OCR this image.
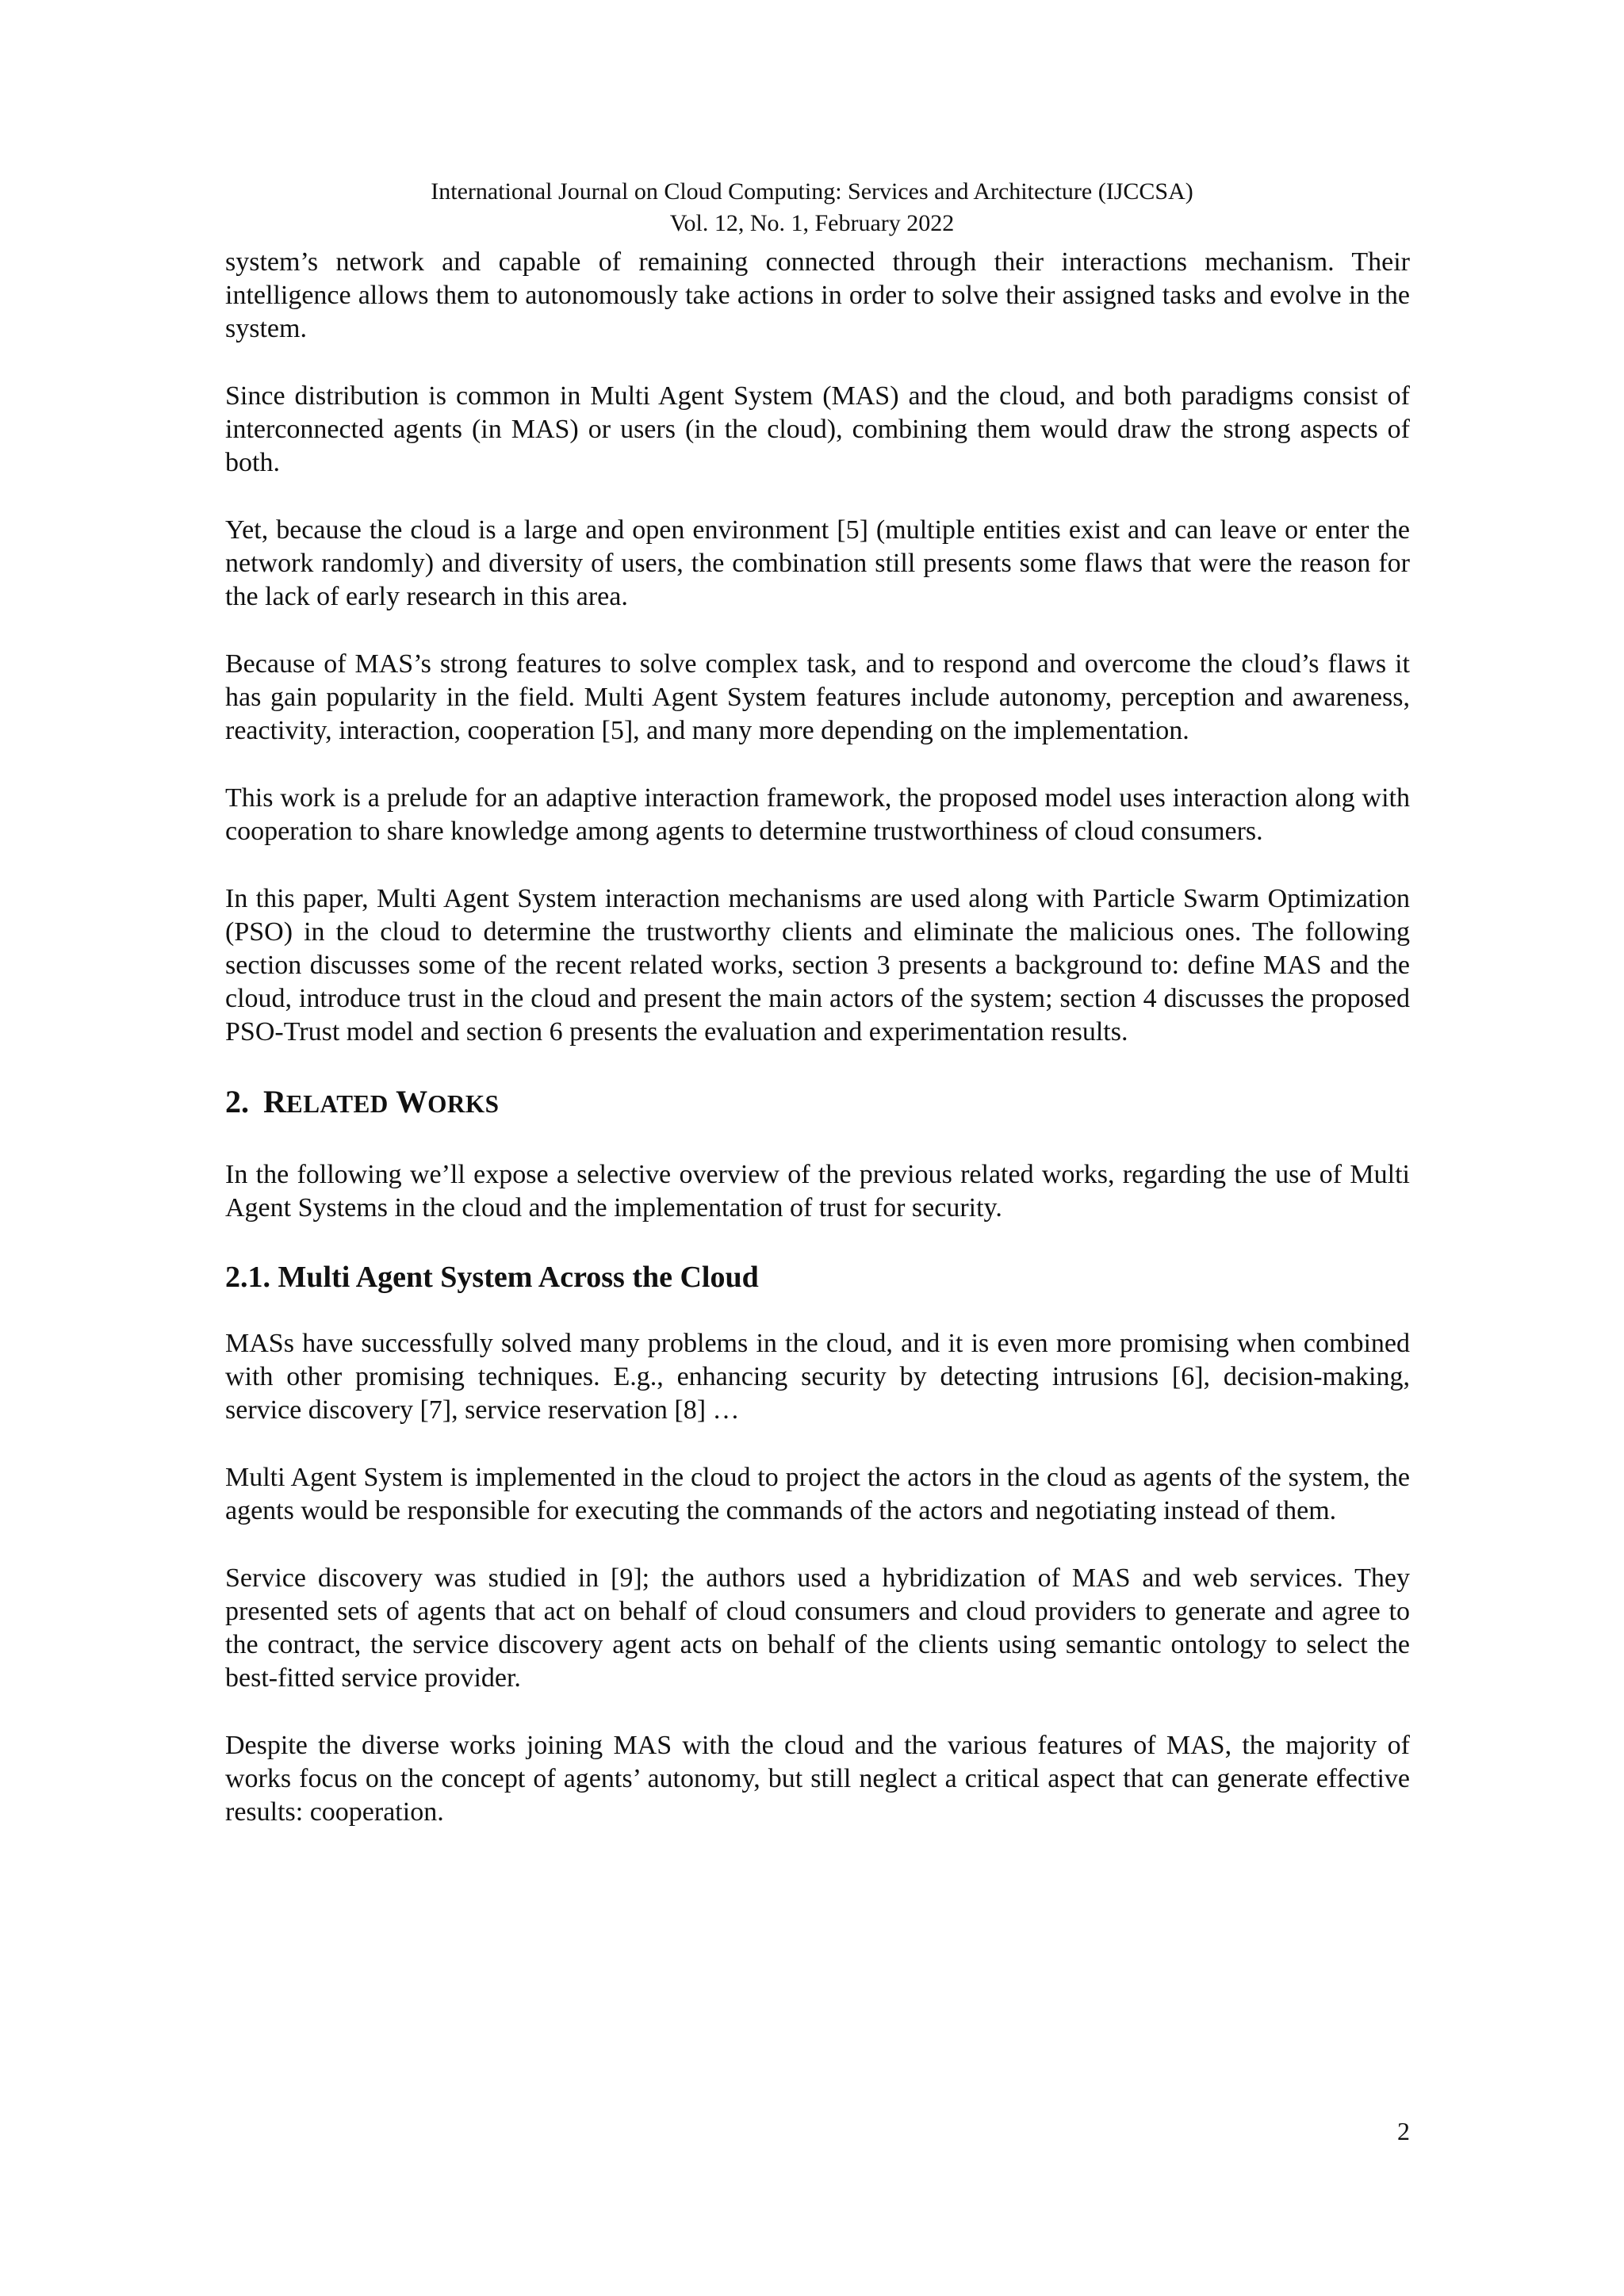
International Journal on Cloud Computing: Services and Architecture (IJCCSA)
Vol. 12, No. 1, February 2022

system’s network and capable of remaining connected through their interactions mechanism. Their intelligence allows them to autonomously take actions in order to solve their assigned tasks and evolve in the system.

Since distribution is common in Multi Agent System (MAS) and the cloud, and both paradigms consist of interconnected agents (in MAS) or users (in the cloud), combining them would draw the strong aspects of both.

Yet, because the cloud is a large and open environment [5] (multiple entities exist and can leave or enter the network randomly) and diversity of users, the combination still presents some flaws that were the reason for the lack of early research in this area.

Because of MAS’s strong features to solve complex task, and to respond and overcome the cloud’s flaws it has gain popularity in the field. Multi Agent System features include autonomy, perception and awareness, reactivity, interaction, cooperation [5], and many more depending on the implementation.

This work is a prelude for an adaptive interaction framework, the proposed model uses interaction along with cooperation to share knowledge among agents to determine trustworthiness of cloud consumers.

In this paper, Multi Agent System interaction mechanisms are used along with Particle Swarm Optimization (PSO) in the cloud to determine the trustworthy clients and eliminate the malicious ones. The following section discusses some of the recent related works, section 3 presents a background to: define MAS and the cloud, introduce trust in the cloud and present the main actors of the system; section 4 discusses the proposed PSO-Trust model and section 6 presents the evaluation and experimentation results.

2. RELATED WORKS

In the following we’ll expose a selective overview of the previous related works, regarding the use of Multi Agent Systems in the cloud and the implementation of trust for security.

2.1. Multi Agent System Across the Cloud

MASs have successfully solved many problems in the cloud, and it is even more promising when combined with other promising techniques. E.g., enhancing security by detecting intrusions [6], decision-making, service discovery [7], service reservation [8] …

Multi Agent System is implemented in the cloud to project the actors in the cloud as agents of the system, the agents would be responsible for executing the commands of the actors and negotiating instead of them.

Service discovery was studied in [9]; the authors used a hybridization of MAS and web services. They presented sets of agents that act on behalf of cloud consumers and cloud providers to generate and agree to the contract, the service discovery agent acts on behalf of the clients using semantic ontology to select the best-fitted service provider.

Despite the diverse works joining MAS with the cloud and the various features of MAS, the majority of works focus on the concept of agents’ autonomy, but still neglect a critical aspect that can generate effective results: cooperation.

2
